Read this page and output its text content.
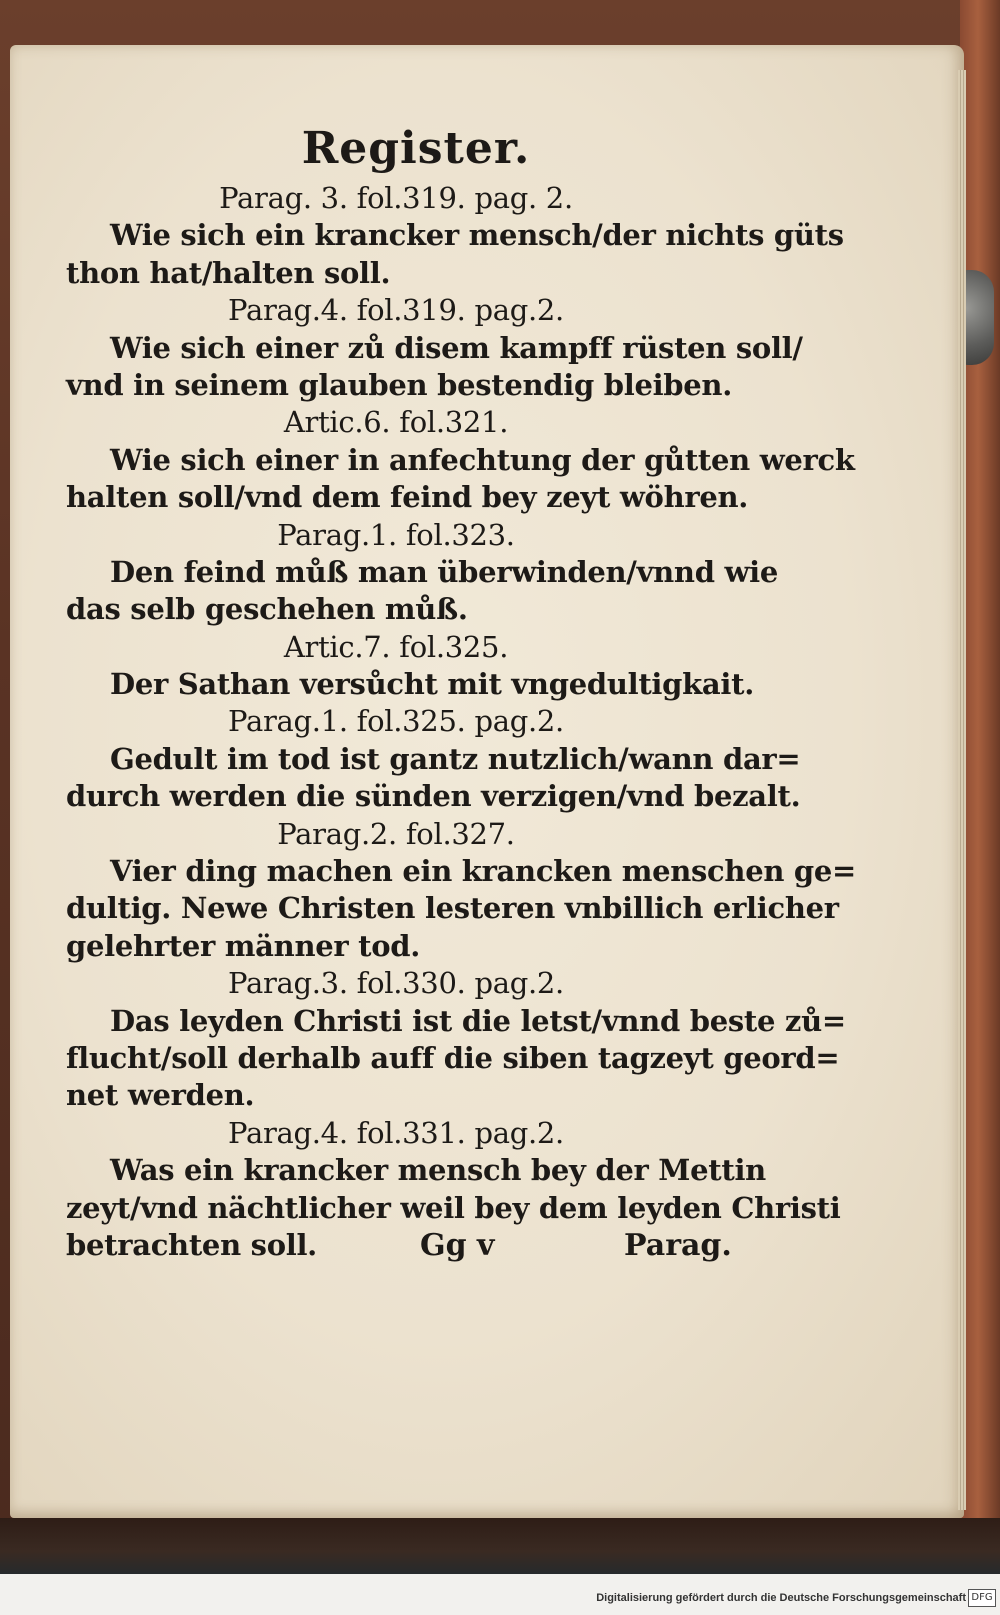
Register.
Parag. 3. fol.319. pag. 2.
Wie sich ein krancker mensch/der nichts güts
thon hat/halten soll.
Parag.4. fol.319. pag.2.
Wie sich einer zů disem kampff rüsten soll/
vnd in seinem glauben bestendig bleiben.
Artic.6. fol.321.
Wie sich einer in anfechtung der gůtten werck
halten soll/vnd dem feind bey zeyt wöhren.
Parag.1. fol.323.
Den feind můß man überwinden/vnnd wie
das selb geschehen můß.
Artic.7. fol.325.
Der Sathan versůcht mit vngedultigkait.
Parag.1. fol.325. pag.2.
Gedult im tod ist gantz nutzlich/wann dar=
durch werden die sünden verzigen/vnd bezalt.
Parag.2. fol.327.
Vier ding machen ein krancken menschen ge=
dultig. Newe Christen lesteren vnbillich erlicher
gelehrter männer tod.
Parag.3. fol.330. pag.2.
Das leyden Christi ist die letst/vnnd beste zů=
flucht/soll derhalb auff die siben tagzeyt geord=
net werden.
Parag.4. fol.331. pag.2.
Was ein krancker mensch bey der Mettin
zeyt/vnd nächtlicher weil bey dem leyden Christi
betrachten soll.	Gg v	Parag.
Digitalisierung gefördert durch die Deutsche Forschungsgemeinschaft DFG
